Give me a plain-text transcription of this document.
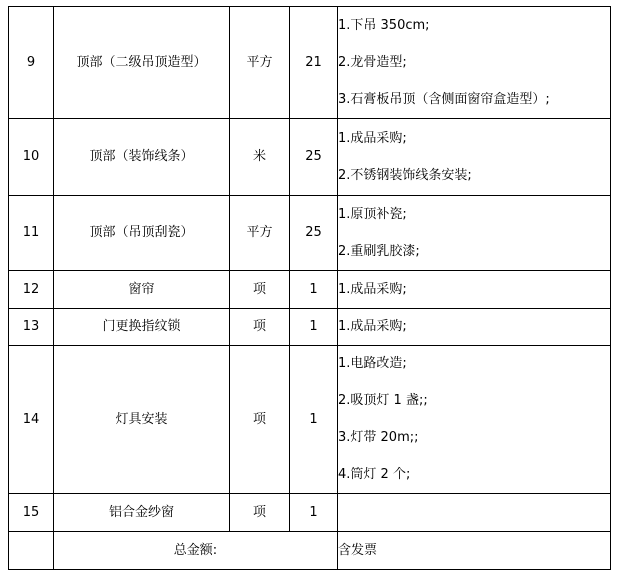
9	顶部（二级吊顶造型）	平方	21	1.下吊 350cm;
2.龙骨造型;
3.石膏板吊顶（含侧面窗帘盒造型）;

10	顶部（装饰线条）	米	25	1.成品采购;
2.不锈钢装饰线条安装;

11	顶部（吊顶刮瓷）	平方	25	1.原顶补瓷;
2.重刷乳胶漆;

12	窗帘	项	1	1.成品采购;

13	门更换指纹锁	项	1	1.成品采购;

14	灯具安装	项	1	1.电路改造;
2.吸顶灯 1 盏;;
3.灯带 20m;;
4.筒灯 2 个;

15	铝合金纱窗	项	1	
	总金额:			含发票
